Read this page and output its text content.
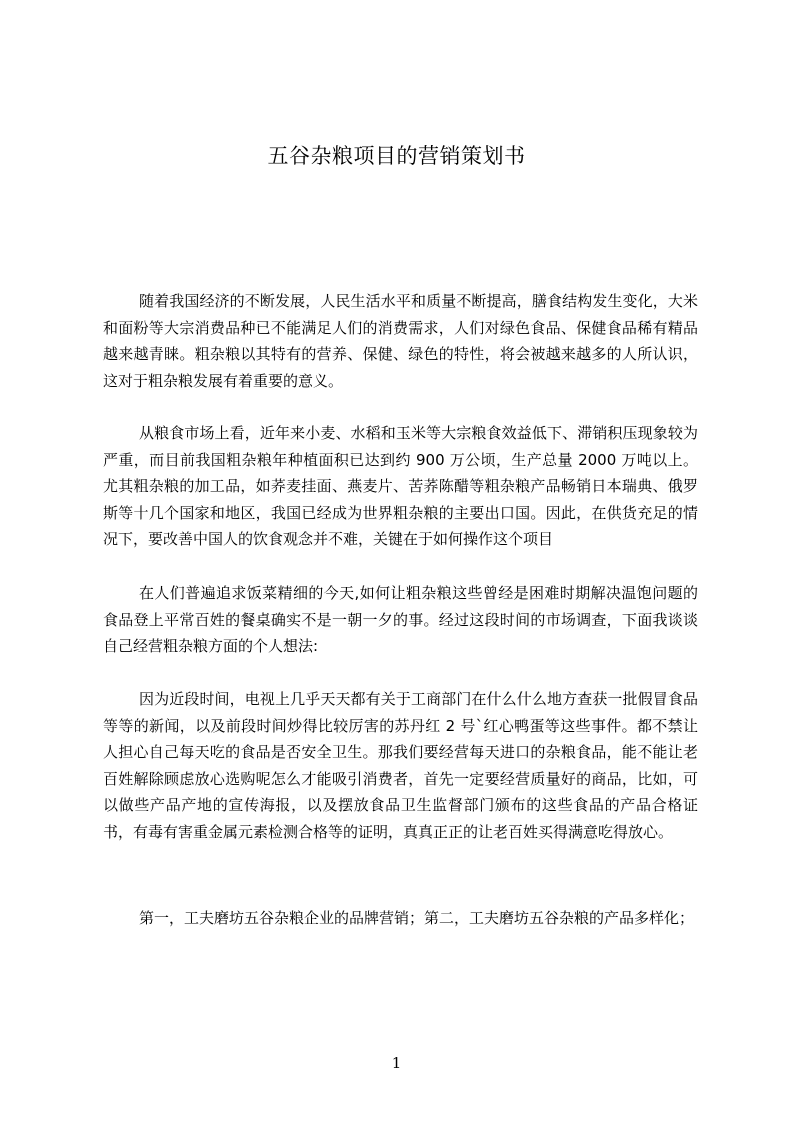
五谷杂粮项目的营销策划书
随着我国经济的不断发展，人民生活水平和质量不断提高，膳食结构发生变化，大米和面粉等大宗消费品种已不能满足人们的消费需求，人们对绿色食品、保健食品稀有精品越来越青睐。粗杂粮以其特有的营养、保健、绿色的特性，将会被越来越多的人所认识，这对于粗杂粮发展有着重要的意义。
从粮食市场上看，近年来小麦、水稻和玉米等大宗粮食效益低下、滞销积压现象较为严重，而目前我国粗杂粮年种植面积已达到约 900 万公顷，生产总量 2000 万吨以上。尤其粗杂粮的加工品，如荞麦挂面、燕麦片、苦荞陈醋等粗杂粮产品畅销日本瑞典、俄罗斯等十几个国家和地区，我国已经成为世界粗杂粮的主要出口国。因此，在供货充足的情况下，要改善中国人的饮食观念并不难，关键在于如何操作这个项目
在人们普遍追求饭菜精细的今天,如何让粗杂粮这些曾经是困难时期解决温饱问题的食品登上平常百姓的餐桌确实不是一朝一夕的事。经过这段时间的市场调查，下面我谈谈自己经营粗杂粮方面的个人想法:
因为近段时间，电视上几乎天天都有关于工商部门在什么什么地方查获一批假冒食品等等的新闻，以及前段时间炒得比较厉害的苏丹红 2 号`红心鸭蛋等这些事件。都不禁让人担心自己每天吃的食品是否安全卫生。那我们要经营每天进口的杂粮食品，能不能让老百姓解除顾虑放心选购呢怎么才能吸引消费者，首先一定要经营质量好的商品，比如，可以做些产品产地的宣传海报，以及摆放食品卫生监督部门颁布的这些食品的产品合格证书，有毒有害重金属元素检测合格等的证明，真真正正的让老百姓买得满意吃得放心。
第一，工夫磨坊五谷杂粮企业的品牌营销；第二，工夫磨坊五谷杂粮的产品多样化；
1
